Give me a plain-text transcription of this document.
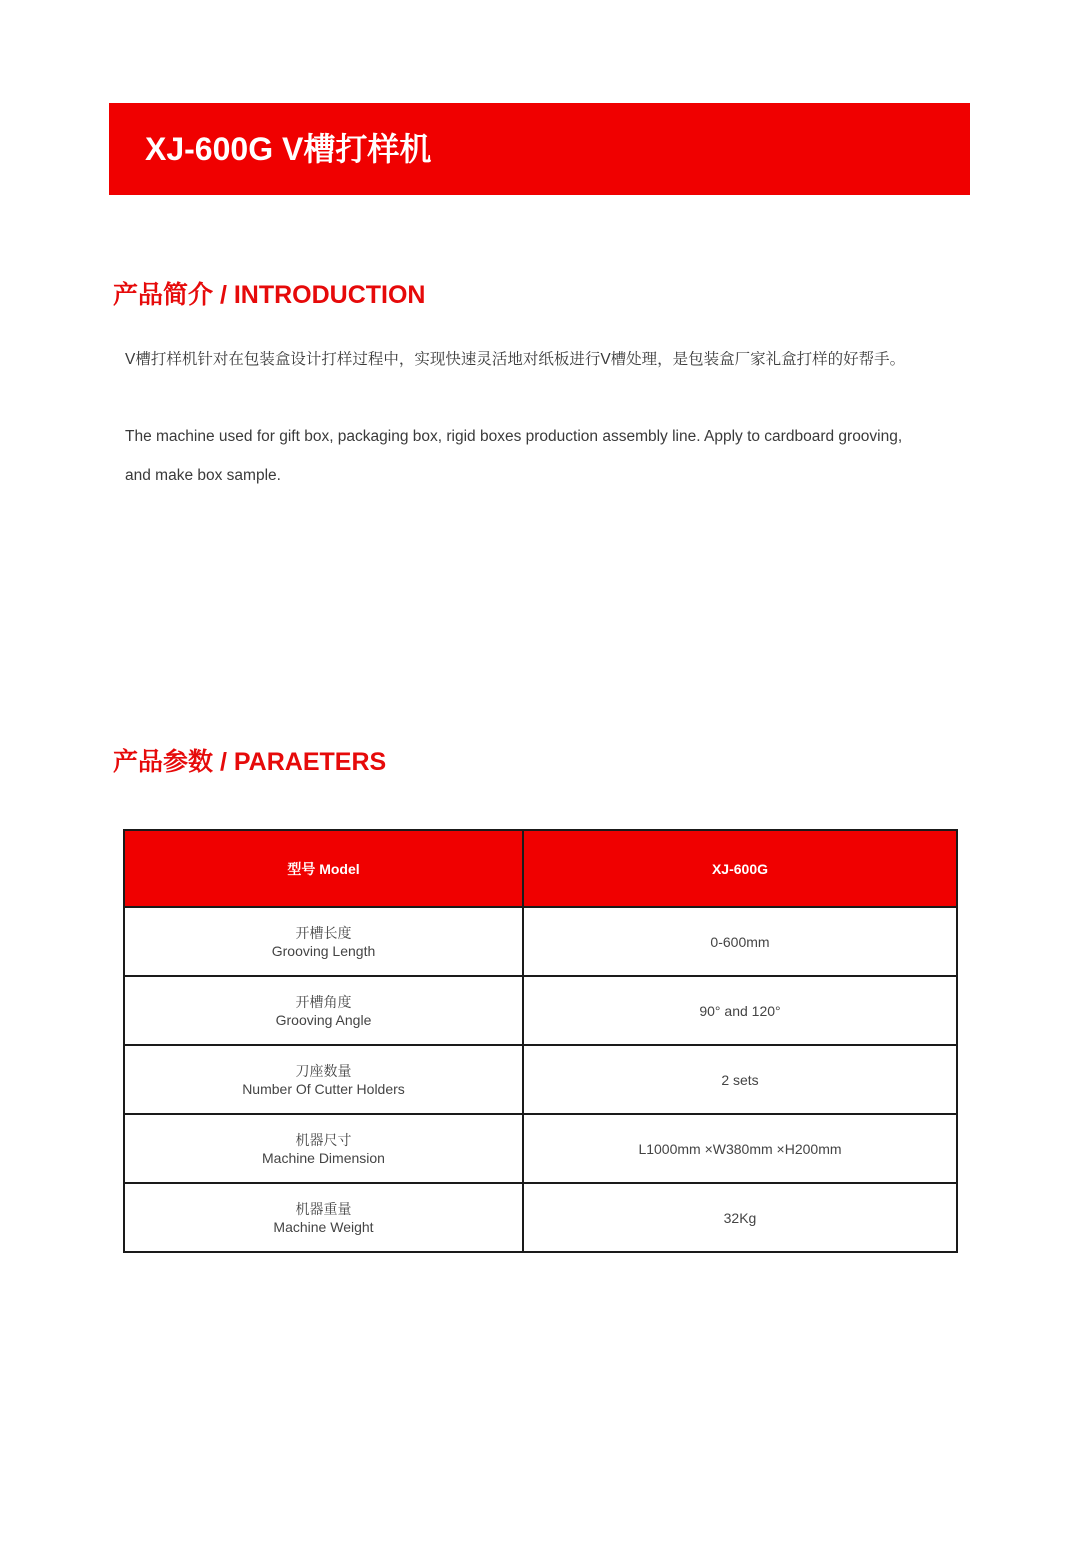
XJ-600G V槽打样机
产品简介 / INTRODUCTION
V槽打样机针对在包装盒设计打样过程中，实现快速灵活地对纸板进行V槽处理，是包装盒厂家礼盒打样的好帮手。
The machine used for gift box, packaging box, rigid boxes production assembly line. Apply to cardboard grooving, and make box sample.
产品参数 / PARAETERS
型号 Model	XJ-600G

开槽长度
Grooving Length	0-600mm

开槽角度
Grooving Angle	90° and 120°

刀座数量
Number Of Cutter Holders	2 sets

机器尺寸
Machine Dimension	L1000mm ×W380mm ×H200mm

机器重量
Machine Weight	32Kg
